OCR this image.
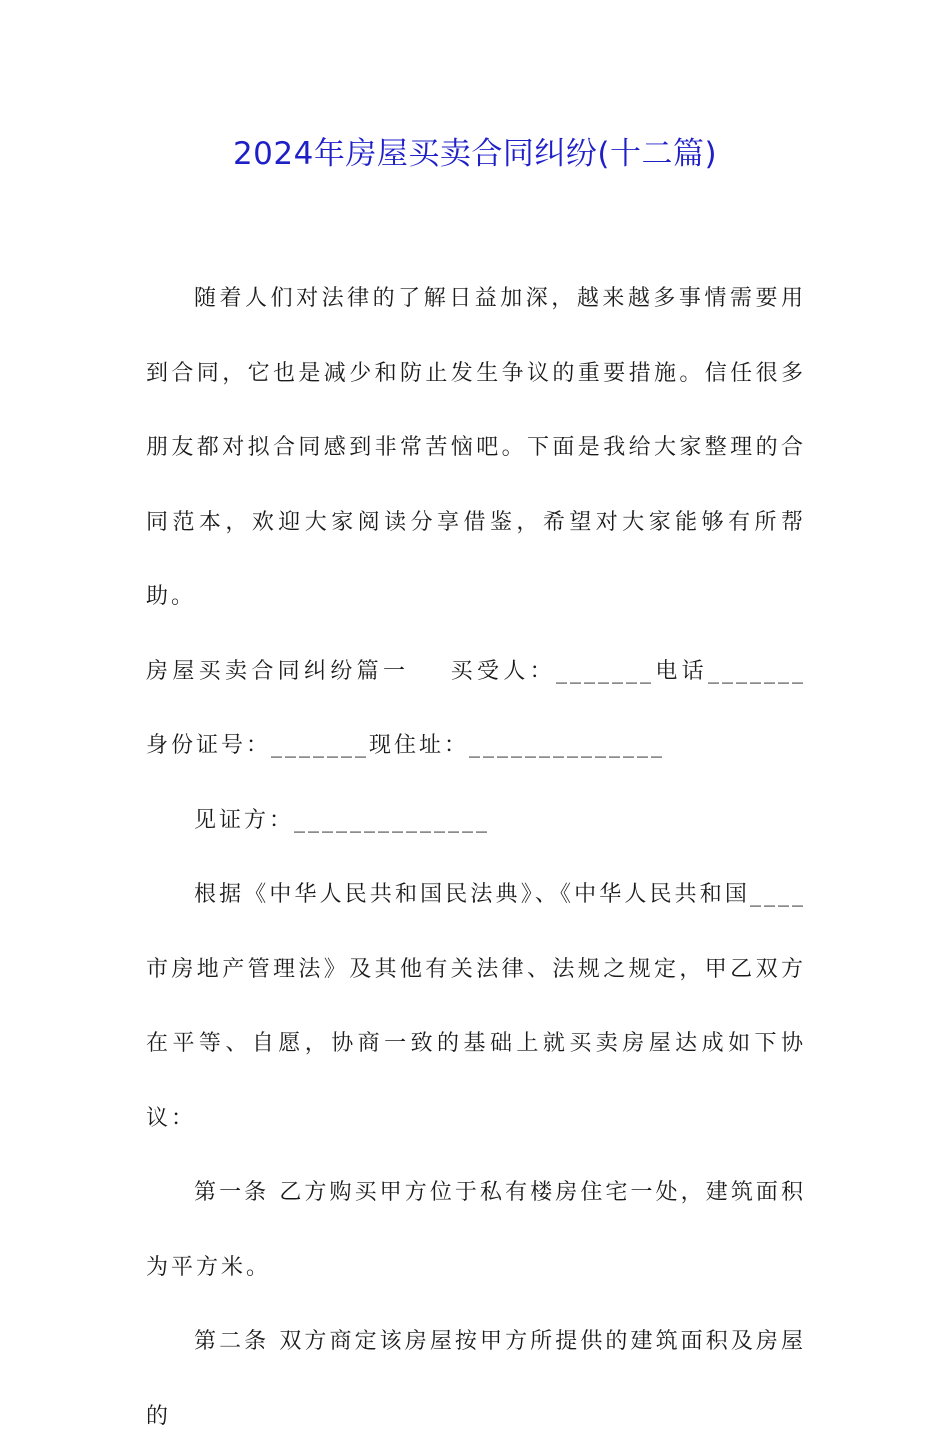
2024年房屋买卖合同纠纷(十二篇)

随着人们对法律的了解日益加深，越来越多事情需要用到合同，它也是减少和防止发生争议的重要措施。信任很多朋友都对拟合同感到非常苦恼吧。下面是我给大家整理的合同范本，欢迎大家阅读分享借鉴，希望对大家能够有所帮助。

房屋买卖合同纠纷篇一 买受人：_______电话_______身份证号：_______现住址：______________

见证方：______________

根据《中华人民共和国民法典》、《中华人民共和国____市房地产管理法》及其他有关法律、法规之规定，甲乙双方在平等、自愿，协商一致的基础上就买卖房屋达成如下协议：

第一条 乙方购买甲方位于私有楼房住宅一处，建筑面积为平方米。

第二条 双方商定该房屋按甲方所提供的建筑面积及房屋的
